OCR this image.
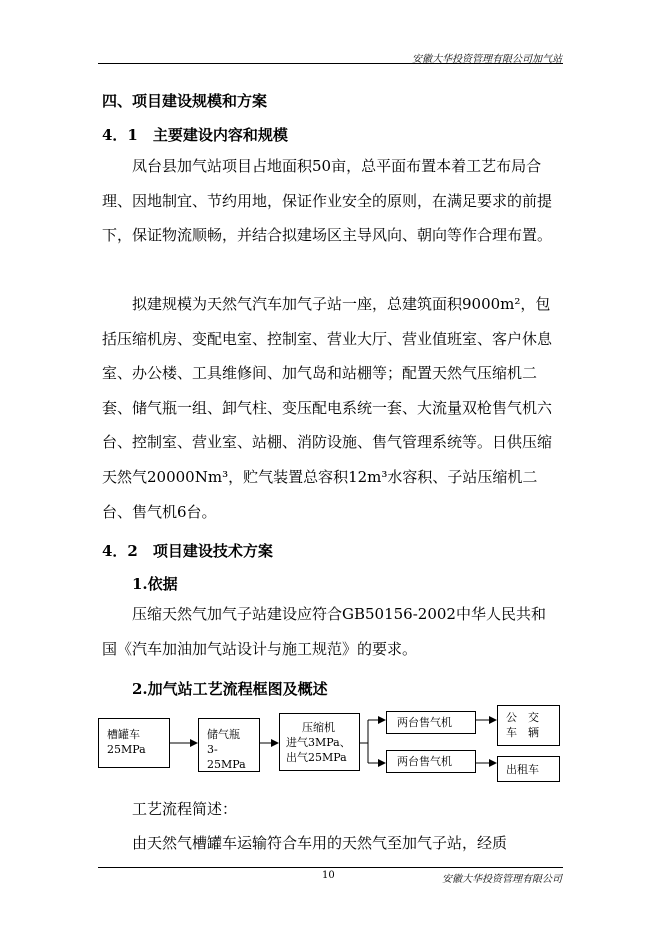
安徽大华投资管理有限公司加气站
四、项目建设规模和方案
4．1　主要建设内容和规模

凤台县加气站项目占地面积50亩，总平面布置本着工艺布局合理、因地制宜、节约用地，保证作业安全的原则，在满足要求的前提下，保证物流顺畅，并结合拟建场区主导风向、朝向等作合理布置。

拟建规模为天然气汽车加气子站一座，总建筑面积9000m²，包括压缩机房、变配电室、控制室、营业大厅、营业值班室、客户休息室、办公楼、工具维修间、加气岛和站棚等；配置天然气压缩机二套、储气瓶一组、卸气柱、变压配电系统一套、大流量双枪售气机六台、控制室、营业室、站棚、消防设施、售气管理系统等。日供压缩天然气20000Nm³，贮气装置总容积12m³水容积、子站压缩机二台、售气机6台。

4．2　项目建设技术方案
1.依据

压缩天然气加气子站建设应符合GB50156-2002中华人民共和国《汽车加油加气站设计与施工规范》的要求。

2.加气站工艺流程框图及概述
槽罐车
25MPa
储气瓶
3-
25MPa
压缩机
进气3MPa、
出气25MPa
两台售气机
两台售气机
公　交
车　辆
出租车
工艺流程简述：
由天然气槽罐车运输符合车用的天然气至加气子站，经质
10	安徽大华投资管理有限公司
